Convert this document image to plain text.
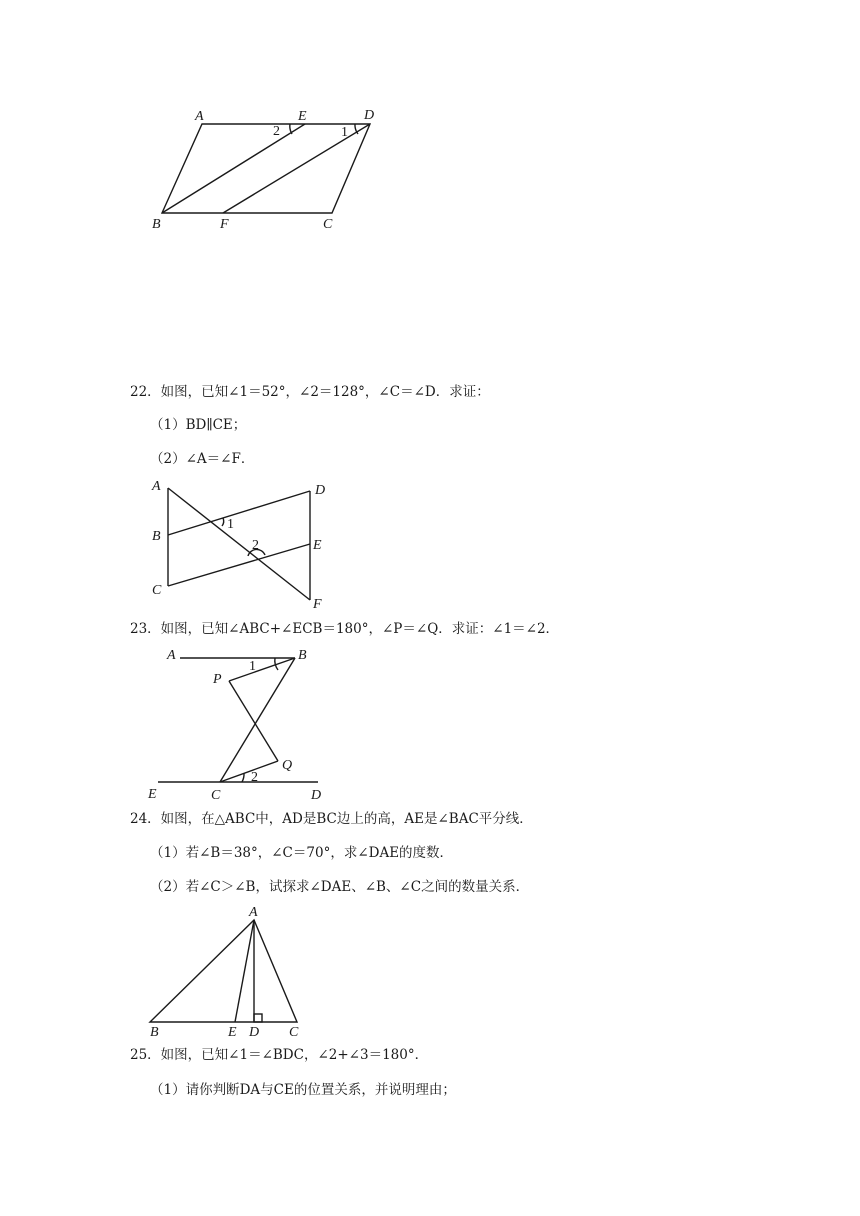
A	E	D
B	F	C
2	1
22．如图，已知∠1＝52°，∠2＝128°，∠C＝∠D．求证：
（1）BD∥CE；
（2）∠A＝∠F．
A
B
C
D
E
F
1
2
23．如图，已知∠ABC+∠ECB＝180°，∠P＝∠Q．求证：∠1＝∠2．
A	B
P
Q
E	C	D
1
2
24．如图，在△ABC中，AD是BC边上的高，AE是∠BAC平分线．
（1）若∠B＝38°，∠C＝70°，求∠DAE的度数．
（2）若∠C＞∠B，试探求∠DAE、∠B、∠C之间的数量关系．
A
B	E D C
25．如图，已知∠1＝∠BDC，∠2+∠3＝180°．
（1）请你判断DA与CE的位置关系，并说明理由；
